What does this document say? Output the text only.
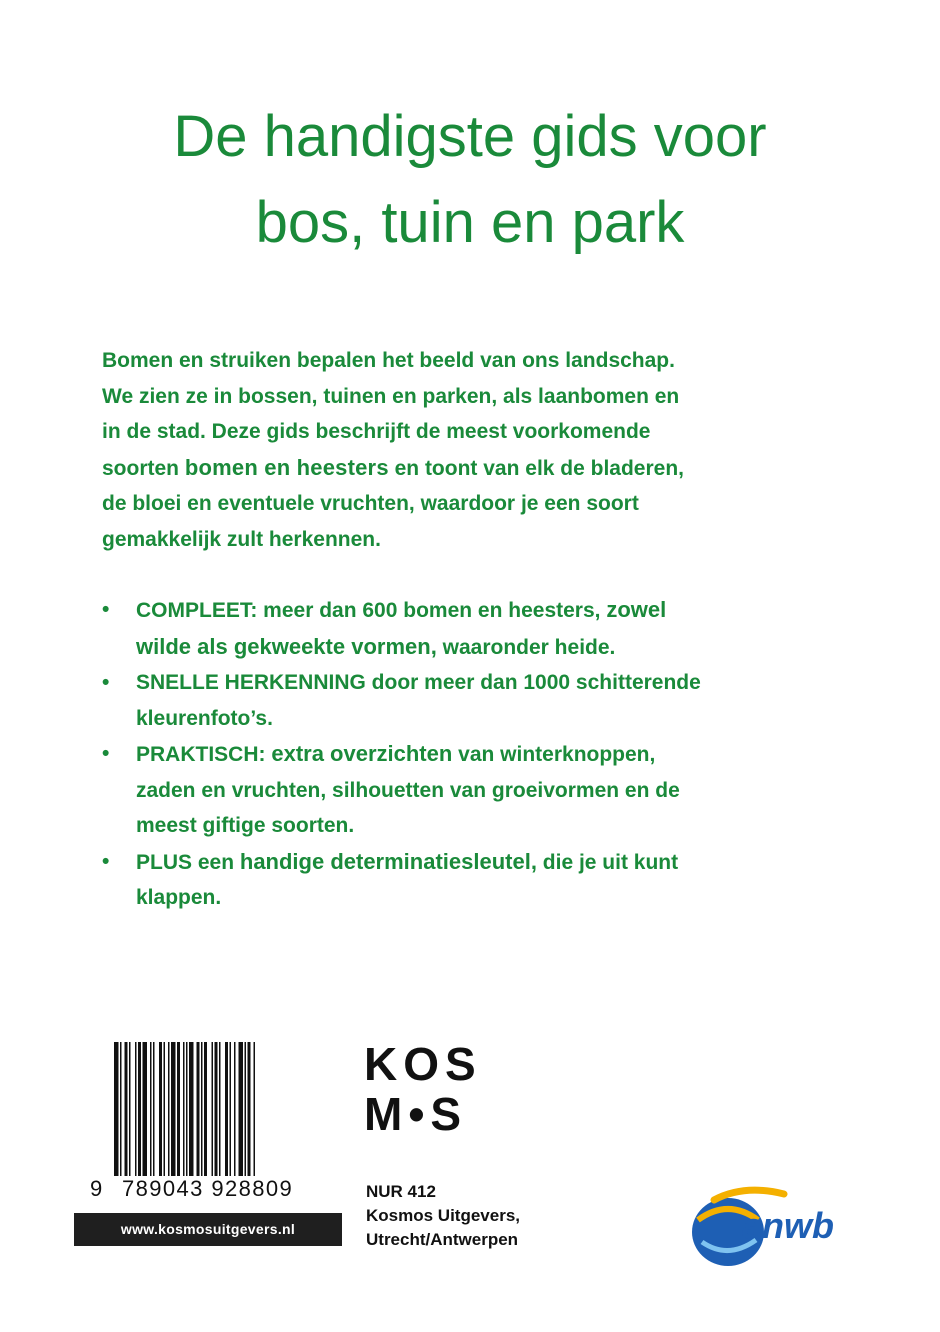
De handigste gids voor
bos, tuin en park

Bomen en struiken bepalen het beeld van ons landschap.

We zien ze in bossen, tuinen en parken, als laanbomen en

in de stad. Deze gids beschrijft de meest voorkomende

soorten bomen en heesters en toont van elk de bladeren,

de bloei en eventuele vruchten, waardoor je een soort

gemakkelijk zult herkennen.

•	COMPLEET: meer dan 600 bomen en heesters, zowel

wilde als gekweekte vormen, waaronder heide.

•	SNELLE HERKENNING door meer dan 1000 schitterende

kleurenfoto’s.

•	PRAKTISCH: extra overzichten van winterknoppen,

zaden en vruchten, silhouetten van groeivormen en de

meest giftige soorten.

•	PLUS een handige determinatiesleutel, die je uit kunt

klappen.

9 789043 928809
www.kosmosuitgevers.nl
KOS
M•S
NUR 412
Kosmos Uitgevers,
Utrecht/Antwerpen	anwb
